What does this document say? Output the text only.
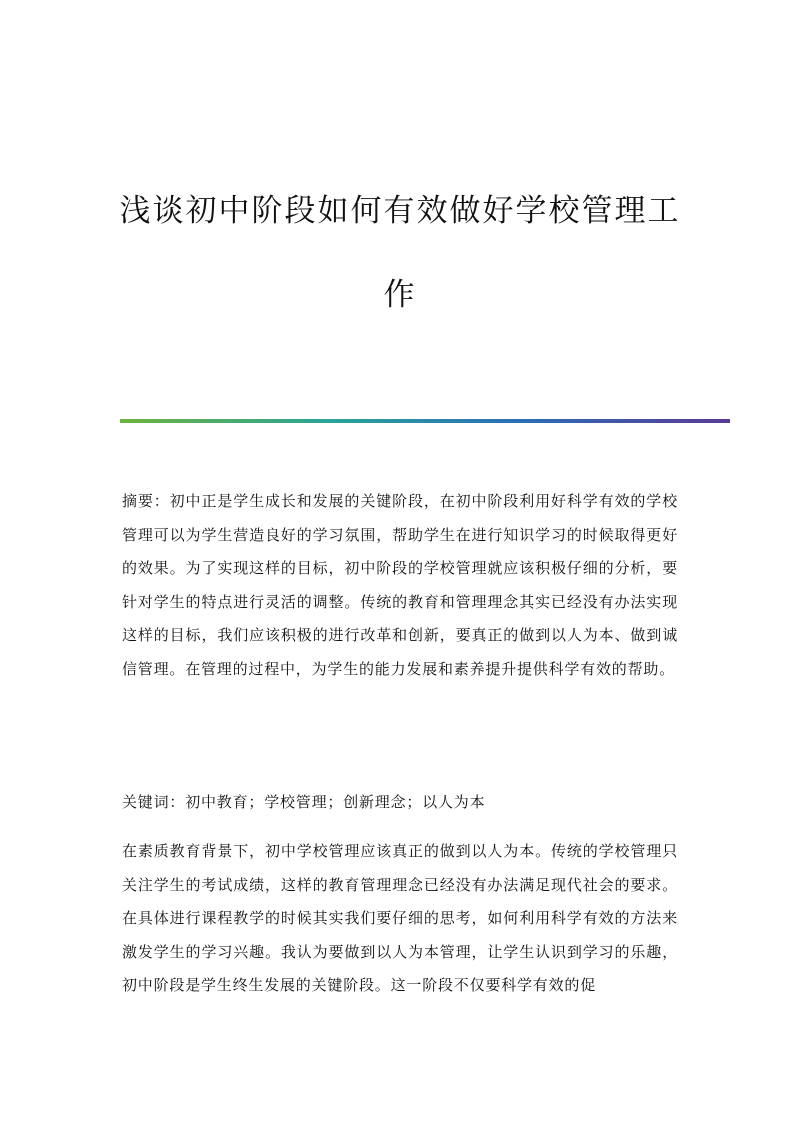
浅谈初中阶段如何有效做好学校管理工
作

摘要：初中正是学生成长和发展的关键阶段，在初中阶段利用好科学有效的学校管理可以为学生营造良好的学习氛围，帮助学生在进行知识学习的时候取得更好的效果。为了实现这样的目标，初中阶段的学校管理就应该积极仔细的分析，要针对学生的特点进行灵活的调整。传统的教育和管理理念其实已经没有办法实现这样的目标，我们应该积极的进行改革和创新，要真正的做到以人为本、做到诚信管理。在管理的过程中，为学生的能力发展和素养提升提供科学有效的帮助。

关键词：初中教育；学校管理；创新理念；以人为本

在素质教育背景下，初中学校管理应该真正的做到以人为本。传统的学校管理只关注学生的考试成绩，这样的教育管理理念已经没有办法满足现代社会的要求。在具体进行课程教学的时候其实我们要仔细的思考，如何利用科学有效的方法来激发学生的学习兴趣。我认为要做到以人为本管理，让学生认识到学习的乐趣，初中阶段是学生终生发展的关键阶段。这一阶段不仅要科学有效的促
